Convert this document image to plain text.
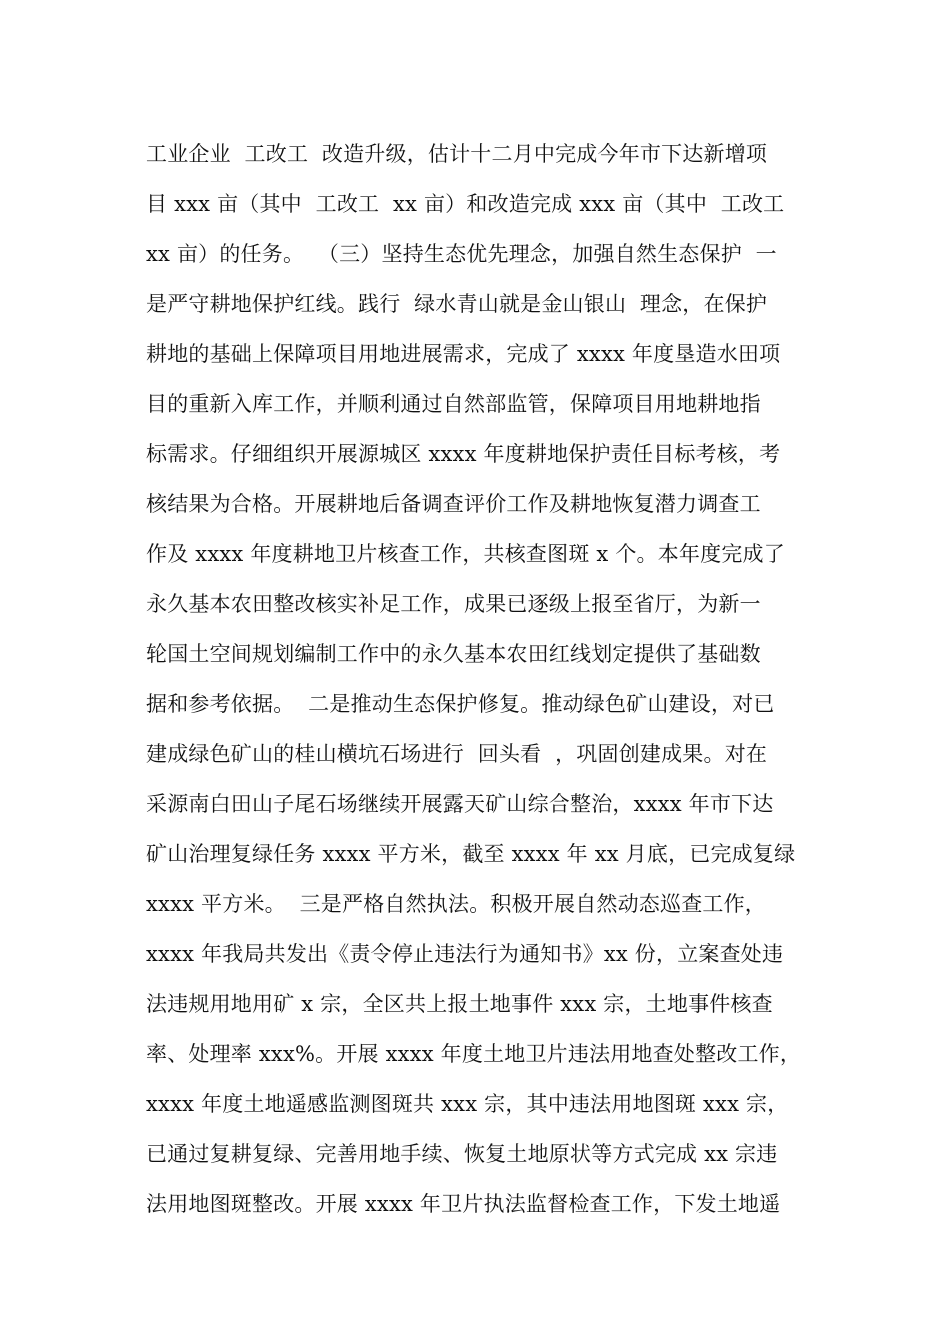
工业企业  工改工  改造升级，估计十二月中完成今年市下达新增项
目 xxx 亩（其中  工改工  xx 亩）和改造完成 xxx 亩（其中  工改工
xx 亩）的任务。  （三）坚持生态优先理念，加强自然生态保护  一
是严守耕地保护红线。践行  绿水青山就是金山银山  理念，在保护
耕地的基础上保障项目用地进展需求，完成了 xxxx 年度垦造水田项
目的重新入库工作，并顺利通过自然部监管，保障项目用地耕地指
标需求。仔细组织开展源城区 xxxx 年度耕地保护责任目标考核，考
核结果为合格。开展耕地后备调查评价工作及耕地恢复潜力调查工
作及 xxxx 年度耕地卫片核查工作，共核查图斑 x 个。本年度完成了
永久基本农田整改核实补足工作，成果已逐级上报至省厅，为新一
轮国土空间规划编制工作中的永久基本农田红线划定提供了基础数
据和参考依据。  二是推动生态保护修复。推动绿色矿山建设，对已
建成绿色矿山的桂山横坑石场进行  回头看  ，巩固创建成果。对在
采源南白田山子尾石场继续开展露天矿山综合整治，xxxx 年市下达
矿山治理复绿任务 xxxx 平方米，截至 xxxx 年 xx 月底，已完成复绿
xxxx 平方米。  三是严格自然执法。积极开展自然动态巡查工作，
xxxx 年我局共发出《责令停止违法行为通知书》xx 份，立案查处违
法违规用地用矿 x 宗，全区共上报土地事件 xxx 宗，土地事件核查
率、处理率 xxx%。开展 xxxx 年度土地卫片违法用地查处整改工作，
xxxx 年度土地遥感监测图斑共 xxx 宗，其中违法用地图斑 xxx 宗，
已通过复耕复绿、完善用地手续、恢复土地原状等方式完成 xx 宗违
法用地图斑整改。开展 xxxx 年卫片执法监督检查工作，下发土地遥
